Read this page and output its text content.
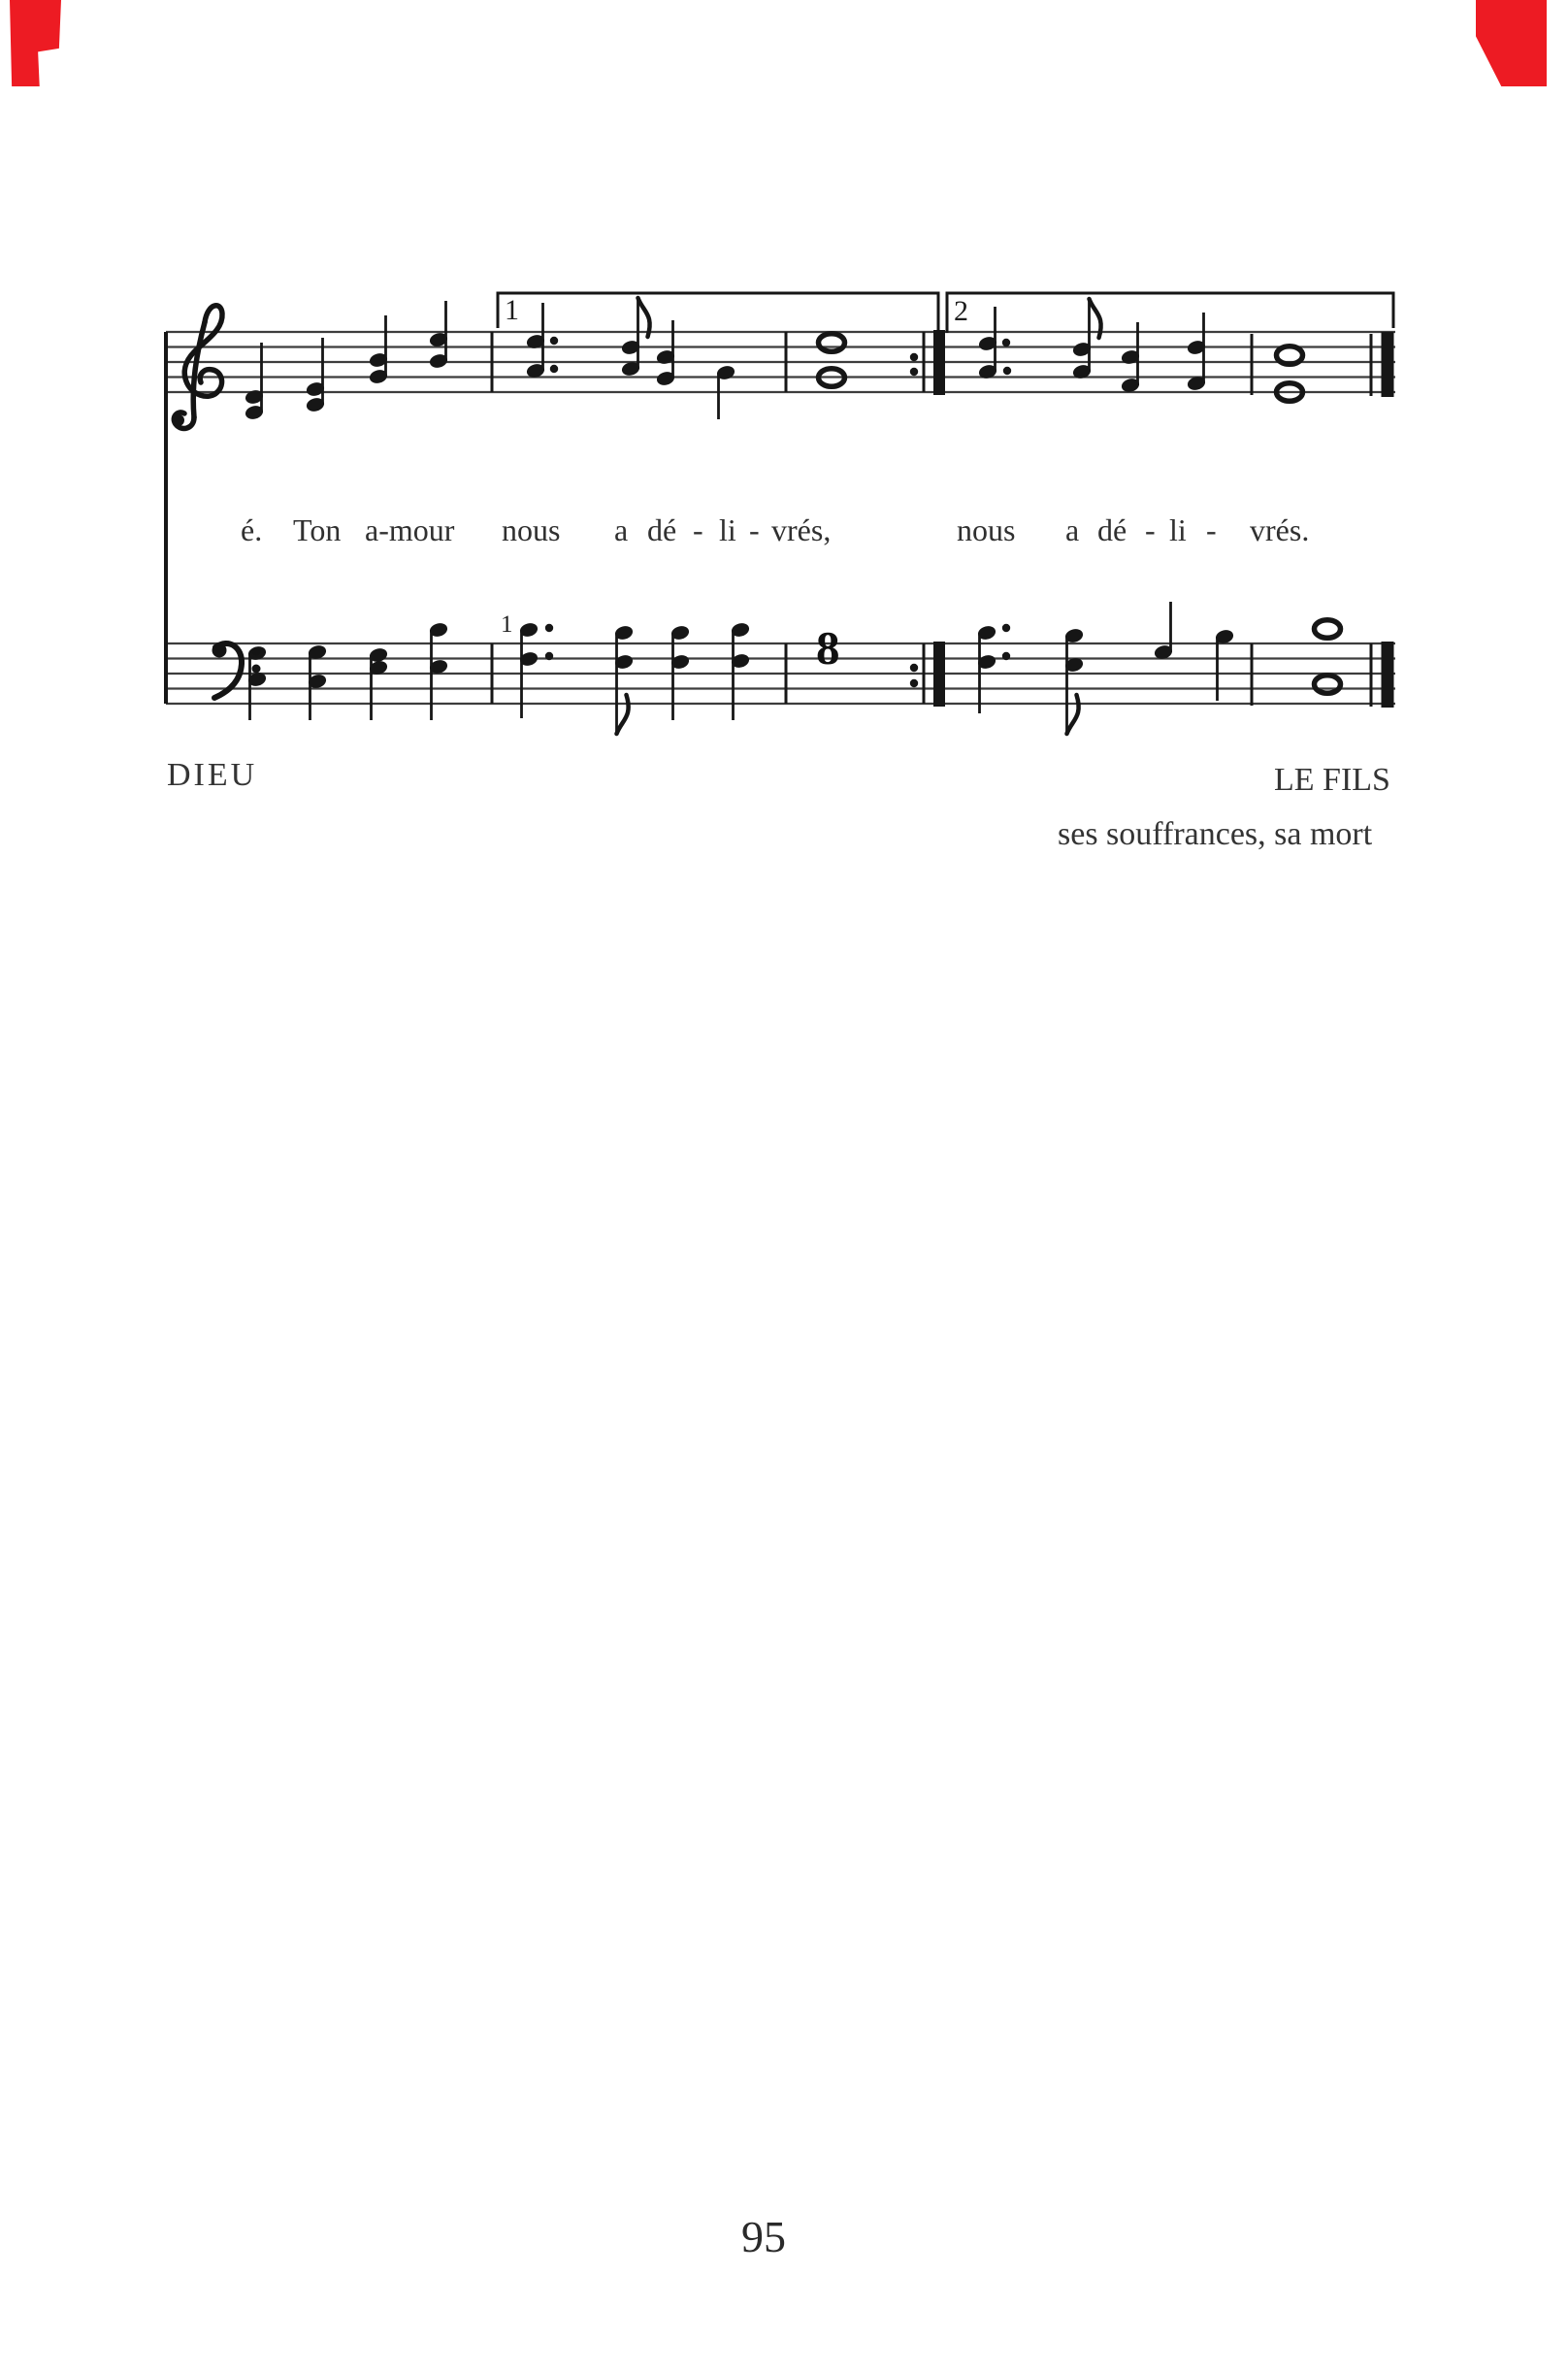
é. Ton a-mour nous a dé - li - vrés,	nous a dé - li - vrés.
1	2
1	8
DIEU	LE FILS
ses souffrances, sa mort
95
